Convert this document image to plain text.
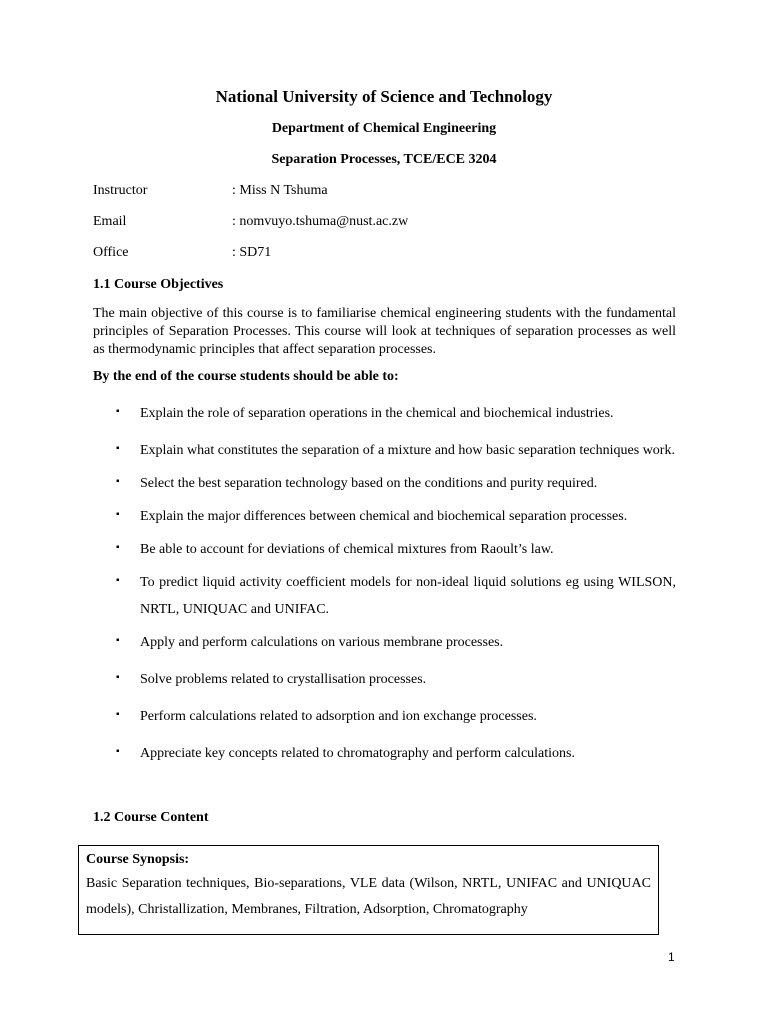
National University of Science and Technology
Department of Chemical Engineering
Separation Processes, TCE/ECE 3204
Instructor	: Miss N Tshuma
Email	: nomvuyo.tshuma@nust.ac.zw
Office	: SD71
1.1 Course Objectives
The main objective of this course is to familiarise chemical engineering students with the fundamental principles of Separation Processes. This course will look at techniques of separation processes as well as thermodynamic principles that affect separation processes.
By the end of the course students should be able to:
▪ Explain the role of separation operations in the chemical and biochemical industries.
▪ Explain what constitutes the separation of a mixture and how basic separation techniques work.
▪ Select the best separation technology based on the conditions and purity required.
▪ Explain the major differences between chemical and biochemical separation processes.
▪ Be able to account for deviations of chemical mixtures from Raoult’s law.
▪ To predict liquid activity coefficient models for non-ideal liquid solutions eg using WILSON, NRTL, UNIQUAC and UNIFAC.
▪ Apply and perform calculations on various membrane processes.
▪ Solve problems related to crystallisation processes.
▪ Perform calculations related to adsorption and ion exchange processes.
▪ Appreciate key concepts related to chromatography and perform calculations.
1.2 Course Content
Course Synopsis:
Basic Separation techniques, Bio-separations, VLE data (Wilson, NRTL, UNIFAC and UNIQUAC models), Christallization, Membranes, Filtration, Adsorption, Chromatography
1
